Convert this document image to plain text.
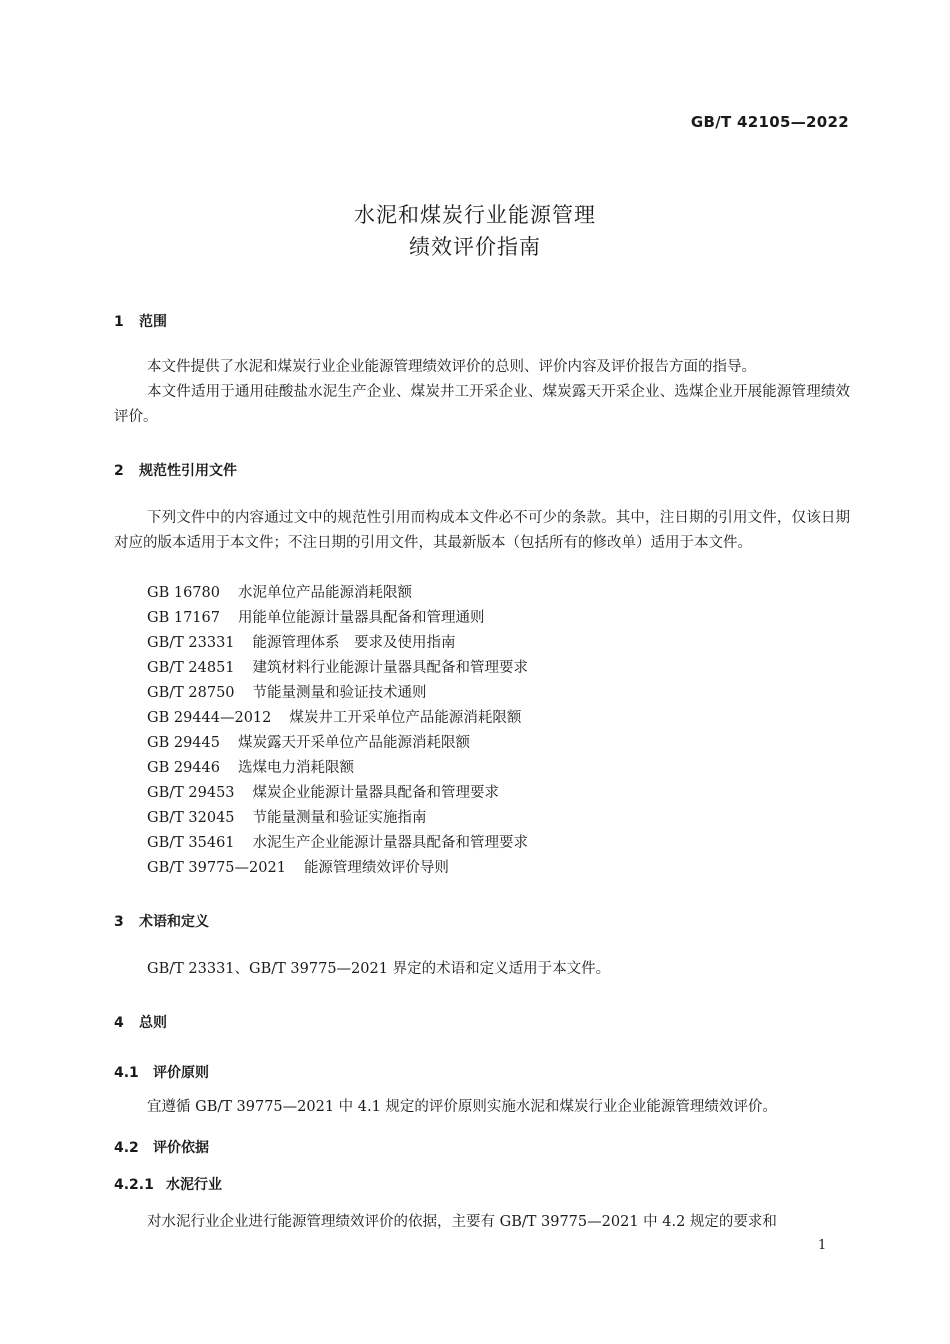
GB/T 42105—2022
水泥和煤炭行业能源管理
绩效评价指南
1 范围
本文件提供了水泥和煤炭行业企业能源管理绩效评价的总则、评价内容及评价报告方面的指导。
本文件适用于通用硅酸盐水泥生产企业、煤炭井工开采企业、煤炭露天开采企业、选煤企业开展能源管理绩效评价。
2 规范性引用文件
下列文件中的内容通过文中的规范性引用而构成本文件必不可少的条款。其中，注日期的引用文件，仅该日期对应的版本适用于本文件；不注日期的引用文件，其最新版本（包括所有的修改单）适用于本文件。
GB 16780 水泥单位产品能源消耗限额
GB 17167 用能单位能源计量器具配备和管理通则
GB/T 23331 能源管理体系　要求及使用指南
GB/T 24851 建筑材料行业能源计量器具配备和管理要求
GB/T 28750 节能量测量和验证技术通则
GB 29444—2012 煤炭井工开采单位产品能源消耗限额
GB 29445 煤炭露天开采单位产品能源消耗限额
GB 29446 选煤电力消耗限额
GB/T 29453 煤炭企业能源计量器具配备和管理要求
GB/T 32045 节能量测量和验证实施指南
GB/T 35461 水泥生产企业能源计量器具配备和管理要求
GB/T 39775—2021 能源管理绩效评价导则
3 术语和定义
GB/T 23331、GB/T 39775—2021 界定的术语和定义适用于本文件。
4 总则
4.1 评价原则
宜遵循 GB/T 39775—2021 中 4.1 规定的评价原则实施水泥和煤炭行业企业能源管理绩效评价。
4.2 评价依据
4.2.1 水泥行业
对水泥行业企业进行能源管理绩效评价的依据，主要有 GB/T 39775—2021 中 4.2 规定的要求和
1
